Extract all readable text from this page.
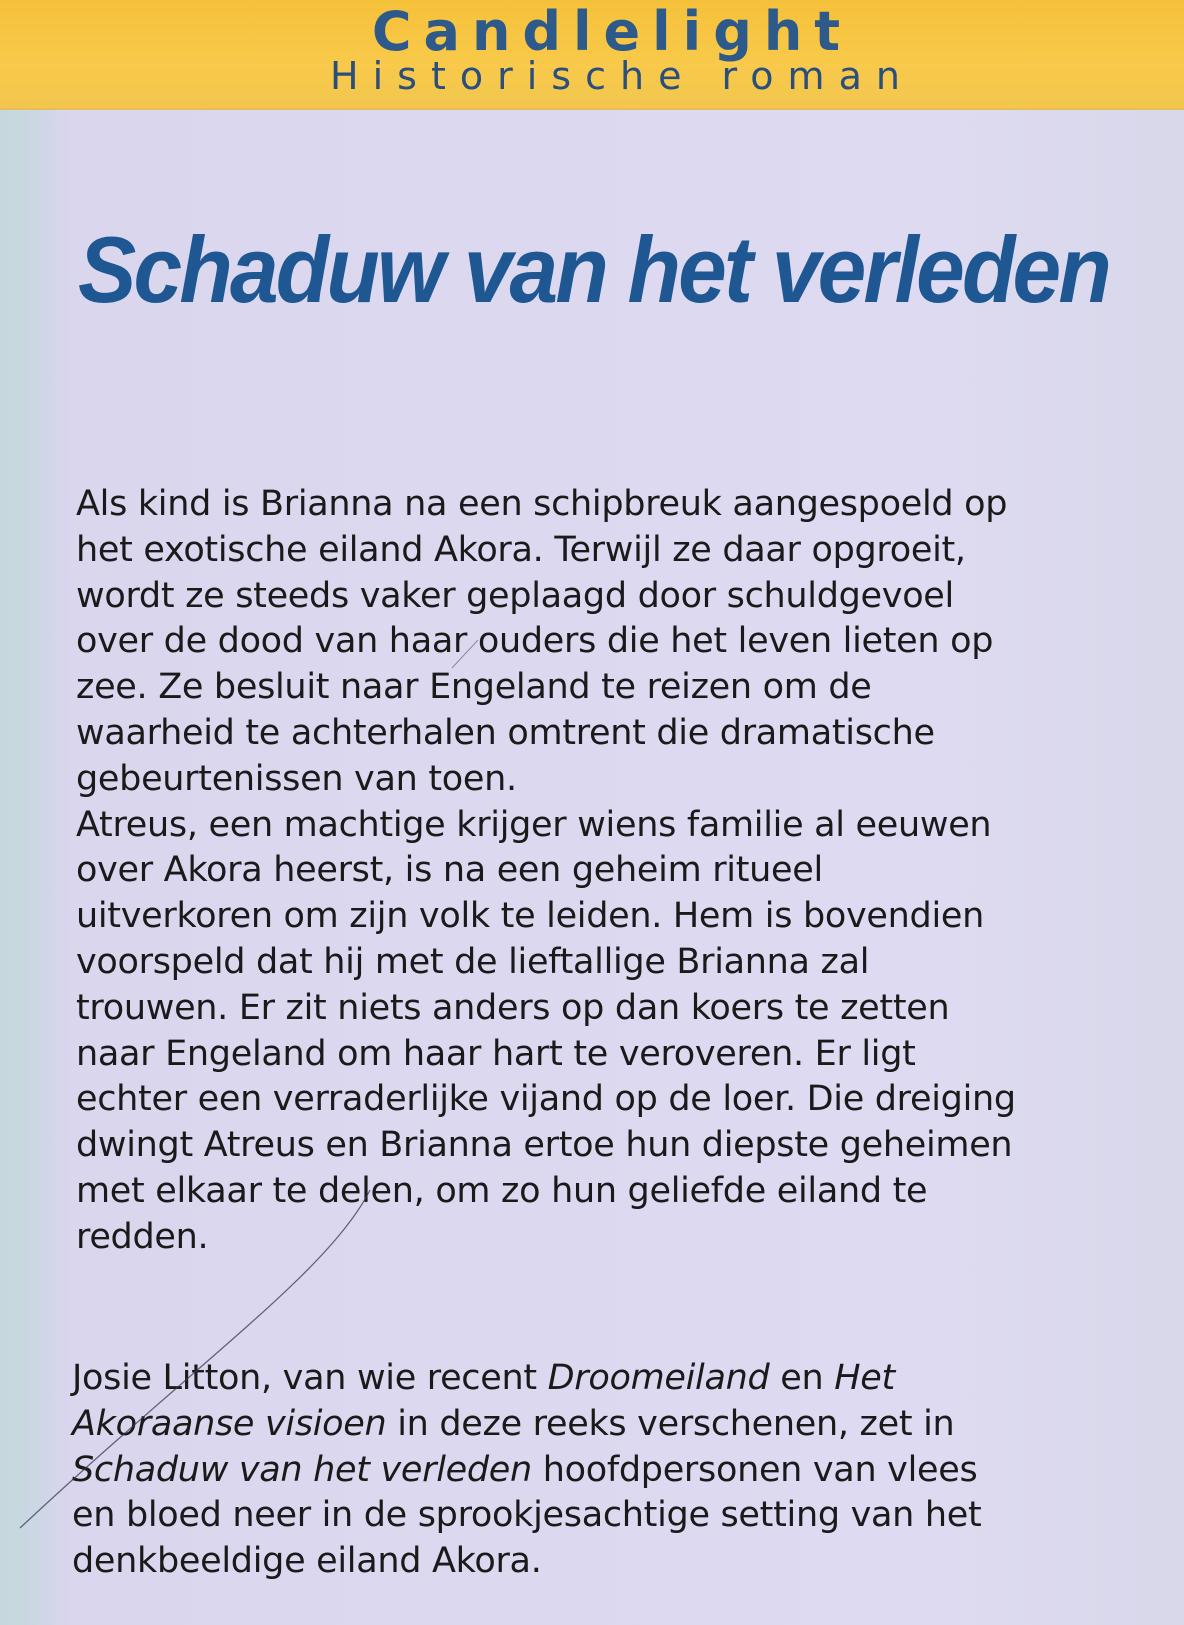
Candlelight
Historische roman
Schaduw van het verleden

Als kind is Brianna na een schipbreuk aangespoeld op het exotische eiland Akora. Terwijl ze daar opgroeit, wordt ze steeds vaker geplaagd door schuldgevoel over de dood van haar ouders die het leven lieten op zee. Ze besluit naar Engeland te reizen om de waarheid te achterhalen omtrent die dramatische gebeurtenissen van toen.

Atreus, een machtige krijger wiens familie al eeuwen over Akora heerst, is na een geheim ritueel uitverkoren om zijn volk te leiden. Hem is bovendien voorspeld dat hij met de lieftallige Brianna zal trouwen. Er zit niets anders op dan koers te zetten naar Engeland om haar hart te veroveren. Er ligt echter een verraderlijke vijand op de loer. Die dreiging dwingt Atreus en Brianna ertoe hun diepste geheimen met elkaar te delen, om zo hun geliefde eiland te redden.

Josie Litton, van wie recent Droomeiland en Het Akoraanse visioen in deze reeks verschenen, zet in Schaduw van het verleden hoofdpersonen van vlees en bloed neer in de sprookjesachtige setting van het denkbeeldige eiland Akora.
